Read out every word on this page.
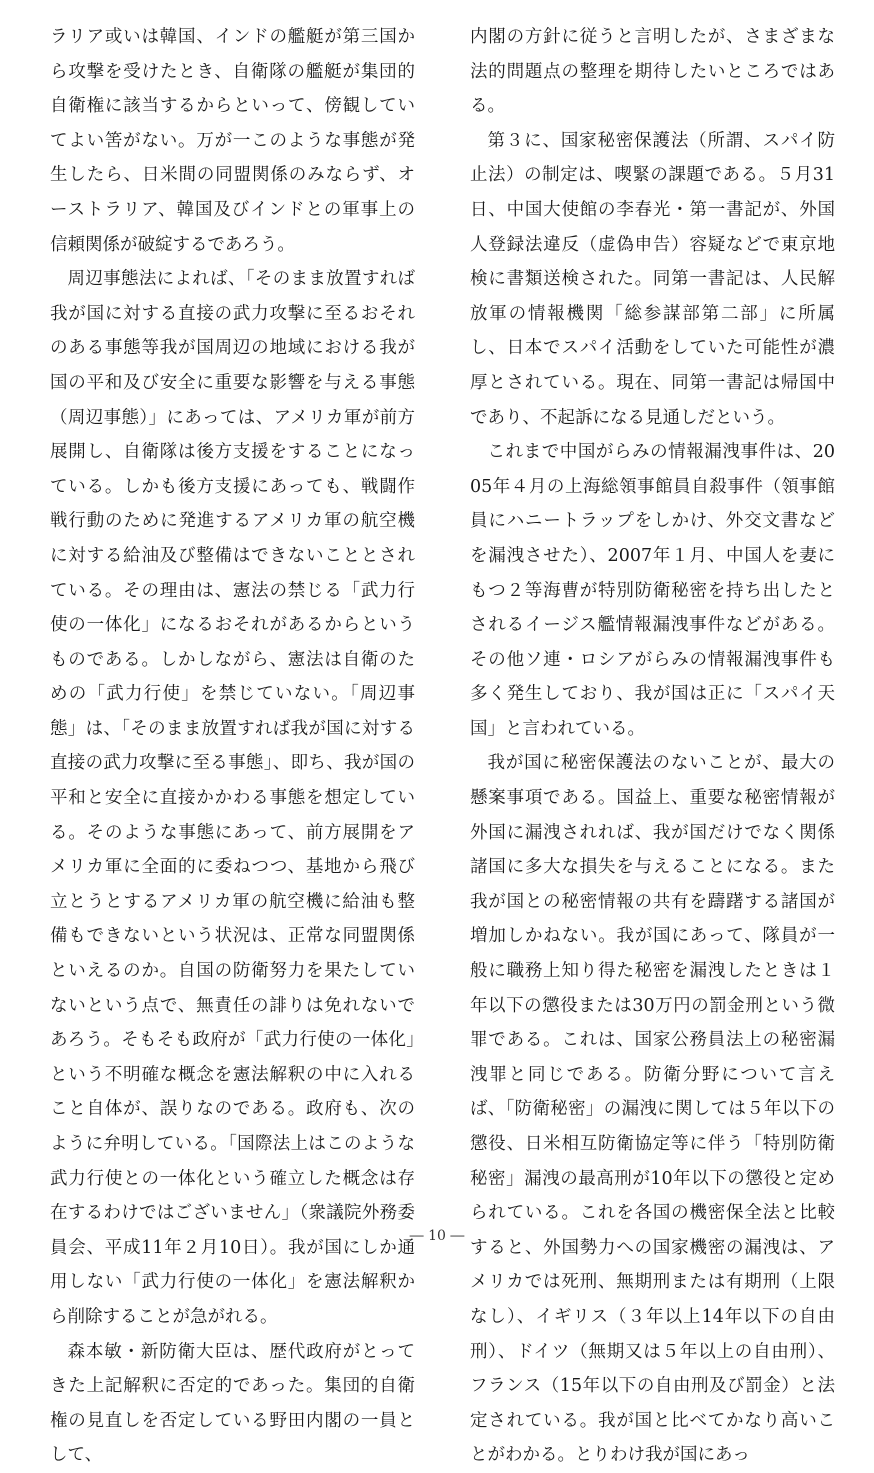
ラリア或いは韓国、インドの艦艇が第三国から攻撃を受けたとき、自衛隊の艦艇が集団的自衛権に該当するからといって、傍観していてよい筈がない。万が一このような事態が発生したら、日米間の同盟関係のみならず、オーストラリア、韓国及びインドとの軍事上の信頼関係が破綻するであろう。

周辺事態法によれば、「そのまま放置すれば我が国に対する直接の武力攻撃に至るおそれのある事態等我が国周辺の地域における我が国の平和及び安全に重要な影響を与える事態（周辺事態）」にあっては、アメリカ軍が前方展開し、自衛隊は後方支援をすることになっている。しかも後方支援にあっても、戦闘作戦行動のために発進するアメリカ軍の航空機に対する給油及び整備はできないこととされている。その理由は、憲法の禁じる「武力行使の一体化」になるおそれがあるからというものである。しかしながら、憲法は自衛のための「武力行使」を禁じていない。「周辺事態」は、「そのまま放置すれば我が国に対する直接の武力攻撃に至る事態」、即ち、我が国の平和と安全に直接かかわる事態を想定している。そのような事態にあって、前方展開をアメリカ軍に全面的に委ねつつ、基地から飛び立とうとするアメリカ軍の航空機に給油も整備もできないという状況は、正常な同盟関係といえるのか。自国の防衛努力を果たしていないという点で、無責任の誹りは免れないであろう。そもそも政府が「武力行使の一体化」という不明確な概念を憲法解釈の中に入れること自体が、誤りなのである。政府も、次のように弁明している。「国際法上はこのような武力行使との一体化という確立した概念は存在するわけではございません」（衆議院外務委員会、平成11年２月10日）。我が国にしか通用しない「武力行使の一体化」を憲法解釈から削除することが急がれる。

森本敏・新防衛大臣は、歴代政府がとってきた上記解釈に否定的であった。集団的自衛権の見直しを否定している野田内閣の一員として、

内閣の方針に従うと言明したが、さまざまな法的問題点の整理を期待したいところではある。

第３に、国家秘密保護法（所謂、スパイ防止法）の制定は、喫緊の課題である。５月31日、中国大使館の李春光・第一書記が、外国人登録法違反（虚偽申告）容疑などで東京地検に書類送検された。同第一書記は、人民解放軍の情報機関「総参謀部第二部」に所属し、日本でスパイ活動をしていた可能性が濃厚とされている。現在、同第一書記は帰国中であり、不起訴になる見通しだという。

これまで中国がらみの情報漏洩事件は、2005年４月の上海総領事館員自殺事件（領事館員にハニートラップをしかけ、外交文書などを漏洩させた）、2007年１月、中国人を妻にもつ２等海曹が特別防衛秘密を持ち出したとされるイージス艦情報漏洩事件などがある。その他ソ連・ロシアがらみの情報漏洩事件も多く発生しており、我が国は正に「スパイ天国」と言われている。

我が国に秘密保護法のないことが、最大の懸案事項である。国益上、重要な秘密情報が外国に漏洩されれば、我が国だけでなく関係諸国に多大な損失を与えることになる。また我が国との秘密情報の共有を躊躇する諸国が増加しかねない。我が国にあって、隊員が一般に職務上知り得た秘密を漏洩したときは１年以下の懲役または30万円の罰金刑という微罪である。これは、国家公務員法上の秘密漏洩罪と同じである。防衛分野について言えば、「防衛秘密」の漏洩に関しては５年以下の懲役、日米相互防衛協定等に伴う「特別防衛秘密」漏洩の最高刑が10年以下の懲役と定められている。これを各国の機密保全法と比較すると、外国勢力への国家機密の漏洩は、アメリカでは死刑、無期刑または有期刑（上限なし）、イギリス（３年以上14年以下の自由刑）、ドイツ（無期又は５年以上の自由刑）、フランス（15年以下の自由刑及び罰金）と法定されている。我が国と比べてかなり高いことがわかる。とりわけ我が国にあっ

― 10 ―
